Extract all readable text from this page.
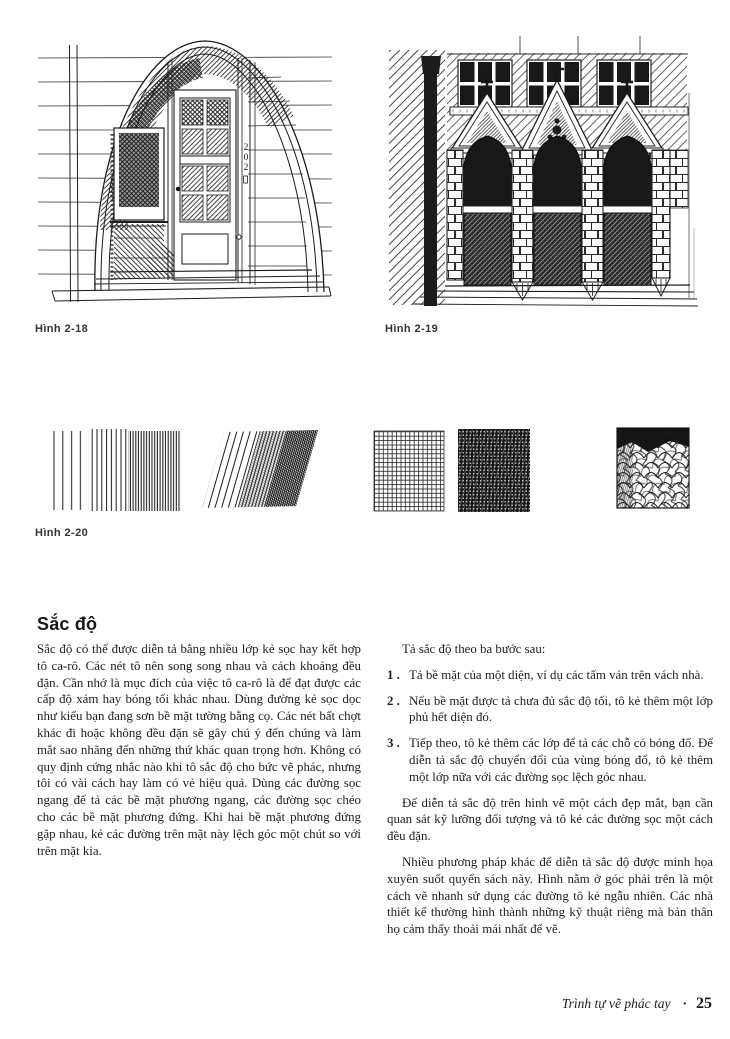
2
0
2
Hình 2-18	Hình 2-19
Hình 2-20
Sắc độ

Sắc độ có thể được diễn tả bằng nhiều lớp kẻ sọc hay kết hợp tô ca-rô. Các nét tô nên song song nhau và cách khoảng đều đặn. Cần nhớ là mục đích của việc tô ca-rô là để đạt được các cấp độ xám hay bóng tối khác nhau. Dùng đường kẻ sọc dọc như kiểu bạn đang sơn bề mặt tường bằng cọ. Các nét bất chợt khác đi hoặc không đều đặn sẽ gây chú ý đến chúng và làm mắt sao nhãng đến những thứ khác quan trọng hơn. Không có quy định cứng nhắc nào khi tô sắc độ cho bức vẽ phác, nhưng tôi có vài cách hay làm có vẻ hiệu quả. Dùng các đường sọc ngang để tả các bề mặt phương ngang, các đường sọc chéo cho các bề mặt phương đứng. Khi hai bề mặt phương đứng gặp nhau, kẻ các đường trên mặt này lệch góc một chút so với trên mặt kia.

Tả sắc độ theo ba bước sau:

1 . Tả bề mặt của một diện, ví dụ các tấm ván trên vách nhà.
2 . Nếu bề mặt được tả chưa đủ sắc độ tối, tô kẻ thêm một lớp phủ hết diện đó.
3 . Tiếp theo, tô kẻ thêm các lớp để tả các chỗ có bóng đổ. Để diễn tả sắc độ chuyển đổi của vùng bóng đổ, tô kẻ thêm một lớp nữa với các đường sọc lệch góc nhau.

Để diễn tả sắc độ trên hình vẽ một cách đẹp mắt, bạn cần quan sát kỹ lưỡng đối tượng và tô kẻ các đường sọc một cách đều đặn.

Nhiều phương pháp khác để diễn tả sắc độ được minh họa xuyên suốt quyển sách này. Hình nằm ở góc phải trên là một cách vẽ nhanh sử dụng các đường tô kẻ ngẫu nhiên. Các nhà thiết kế thường hình thành những kỹ thuật riêng mà bản thân họ cảm thấy thoải mái nhất để vẽ.

Trình tự vẽ phác tay · 25
